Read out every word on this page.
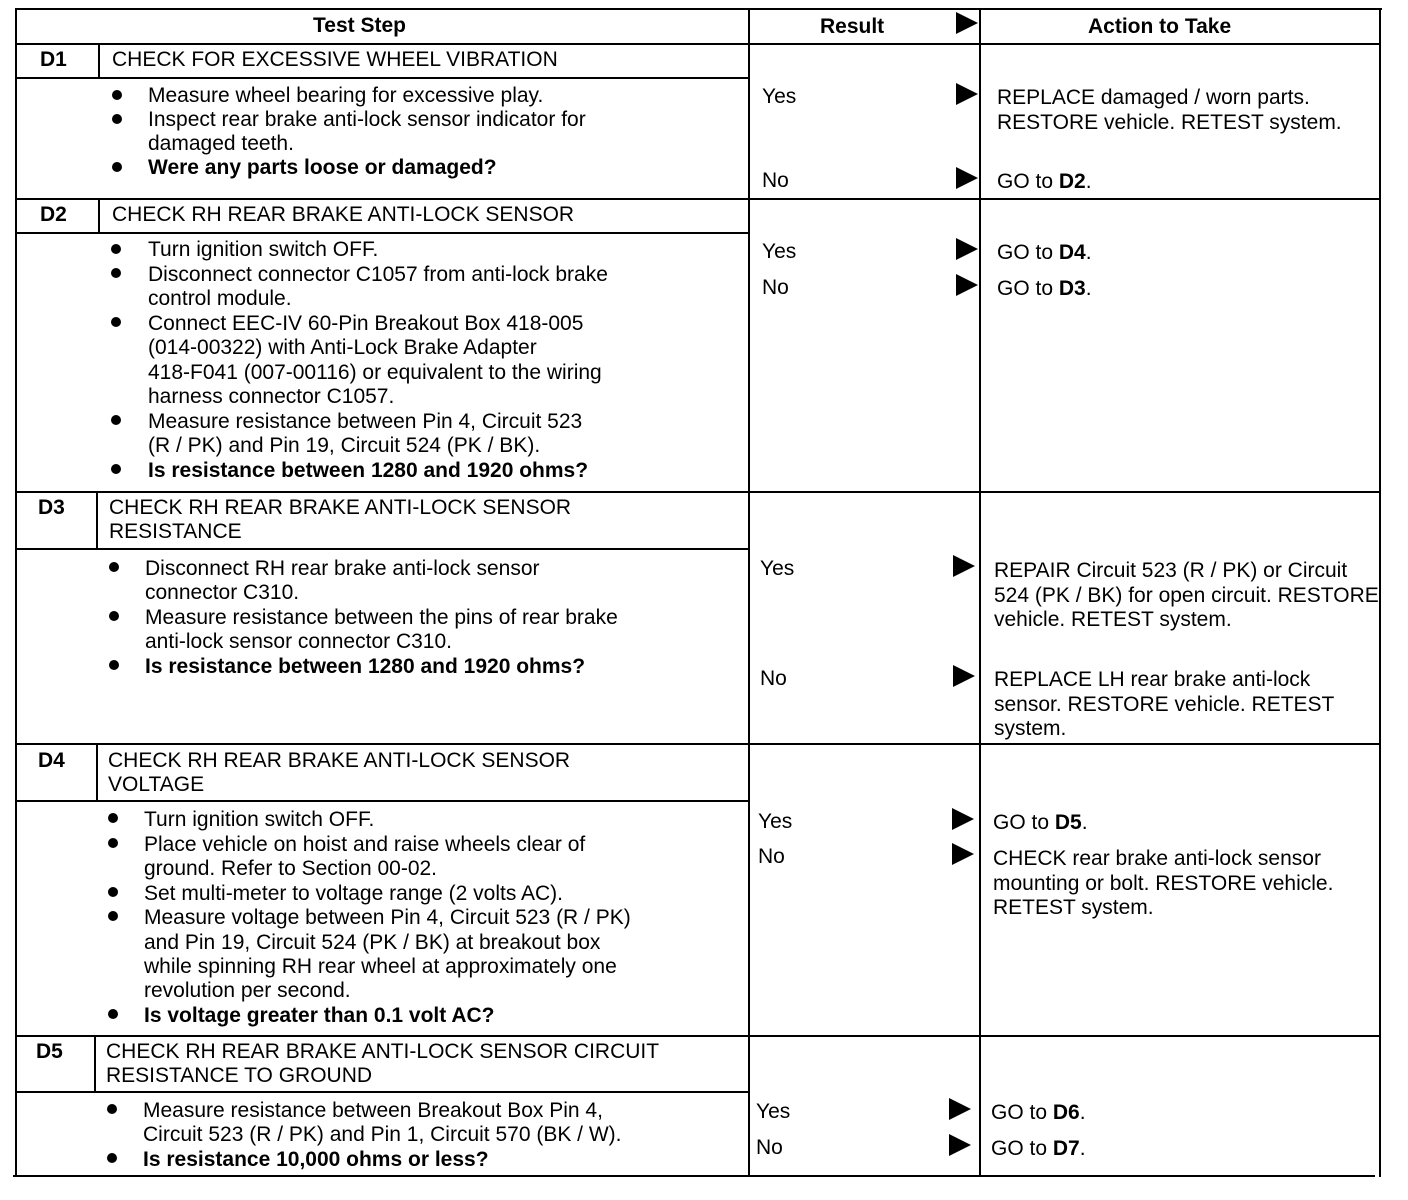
Test Step	Result	Action to Take
D1 CHECK FOR EXCESSIVE WHEEL VIBRATION
Measure wheel bearing for excessive play.
Inspect rear brake anti-lock sensor indicator for
damaged teeth.
Were any parts loose or damaged?
Yes	REPLACE damaged / worn parts. RESTORE vehicle. RETEST system.
No	GO to D2.
D2 CHECK RH REAR BRAKE ANTI-LOCK SENSOR
Turn ignition switch OFF.
Disconnect connector C1057 from anti-lock brake
control module.
Connect EEC-IV 60-Pin Breakout Box 418-005
(014-00322) with Anti-Lock Brake Adapter
418-F041 (007-00116) or equivalent to the wiring
harness connector C1057.
Measure resistance between Pin 4, Circuit 523
(R / PK) and Pin 19, Circuit 524 (PK / BK).
Is resistance between 1280 and 1920 ohms?
Yes	GO to D4.
No	GO to D3.
D3 CHECK RH REAR BRAKE ANTI-LOCK SENSOR
RESISTANCE
Disconnect RH rear brake anti-lock sensor
connector C310.
Measure resistance between the pins of rear brake
anti-lock sensor connector C310.
Is resistance between 1280 and 1920 ohms?
Yes	REPAIR Circuit 523 (R / PK) or Circuit 524 (PK / BK) for open circuit. RESTORE vehicle. RETEST system.
No	REPLACE LH rear brake anti-lock sensor. RESTORE vehicle. RETEST system.
D4 CHECK RH REAR BRAKE ANTI-LOCK SENSOR
VOLTAGE
Turn ignition switch OFF.
Place vehicle on hoist and raise wheels clear of
ground. Refer to Section 00-02.
Set multi-meter to voltage range (2 volts AC).
Measure voltage between Pin 4, Circuit 523 (R / PK)
and Pin 19, Circuit 524 (PK / BK) at breakout box
while spinning RH rear wheel at approximately one
revolution per second.
Is voltage greater than 0.1 volt AC?
Yes	GO to D5.
No	CHECK rear brake anti-lock sensor mounting or bolt. RESTORE vehicle. RETEST system.
D5 CHECK RH REAR BRAKE ANTI-LOCK SENSOR CIRCUIT
RESISTANCE TO GROUND
Measure resistance between Breakout Box Pin 4,
Circuit 523 (R / PK) and Pin 1, Circuit 570 (BK / W).
Is resistance 10,000 ohms or less?
Yes	GO to D6.
No	GO to D7.
